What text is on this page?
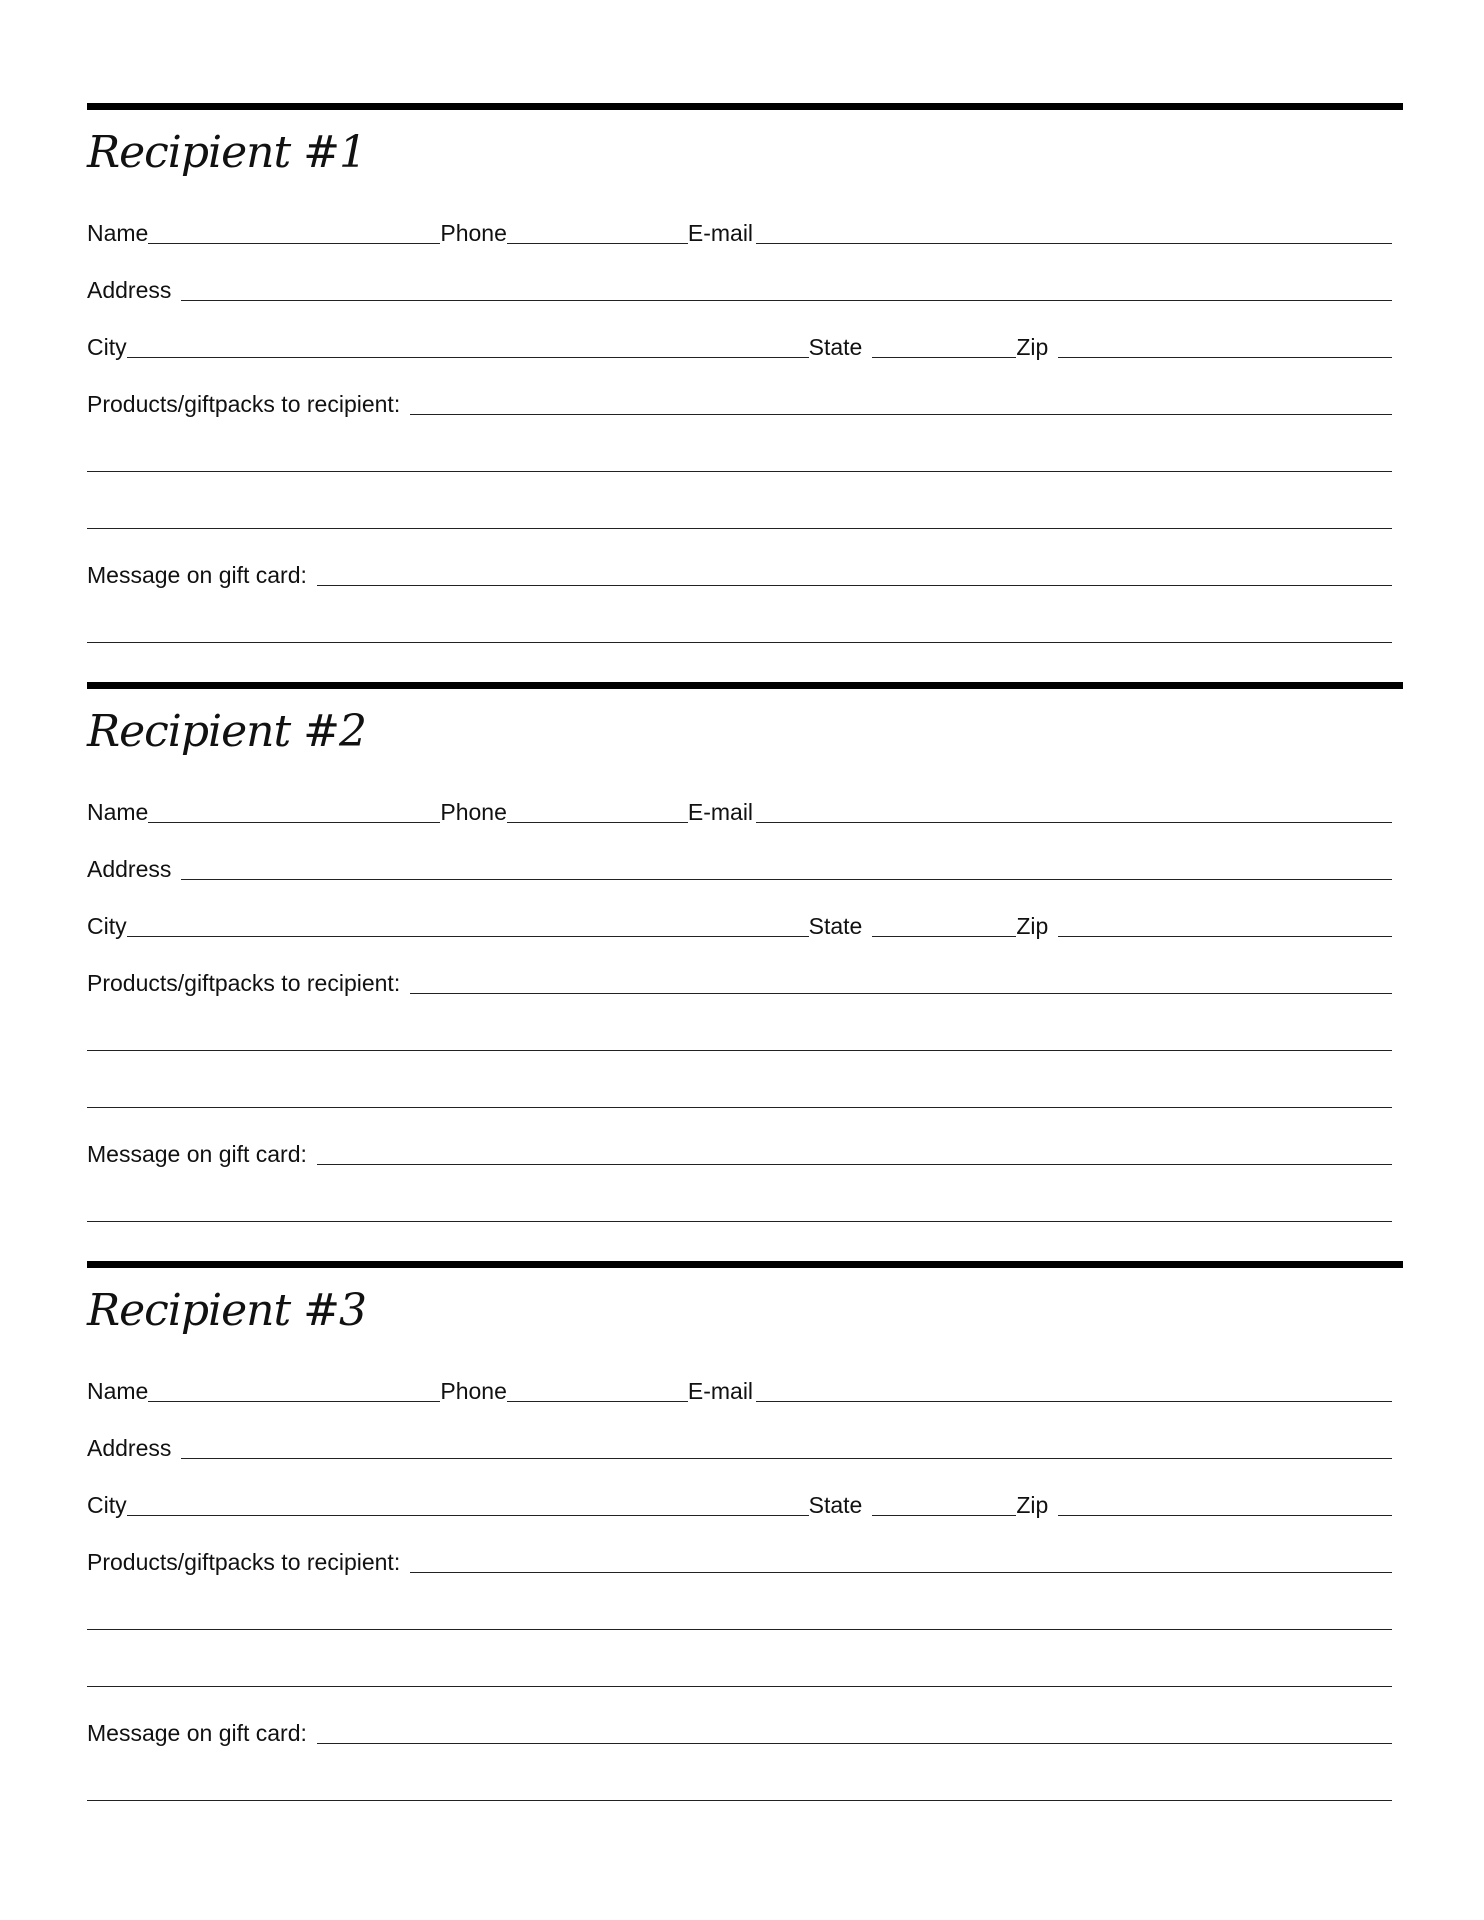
Recipient #1
Name	Phone	E-mail
Address
City	State	Zip
Products/giftpacks to recipient:
Message on gift card:
Recipient #2
Name	Phone	E-mail
Address
City	State	Zip
Products/giftpacks to recipient:
Message on gift card:
Recipient #3
Name	Phone	E-mail
Address
City	State	Zip
Products/giftpacks to recipient:
Message on gift card:
